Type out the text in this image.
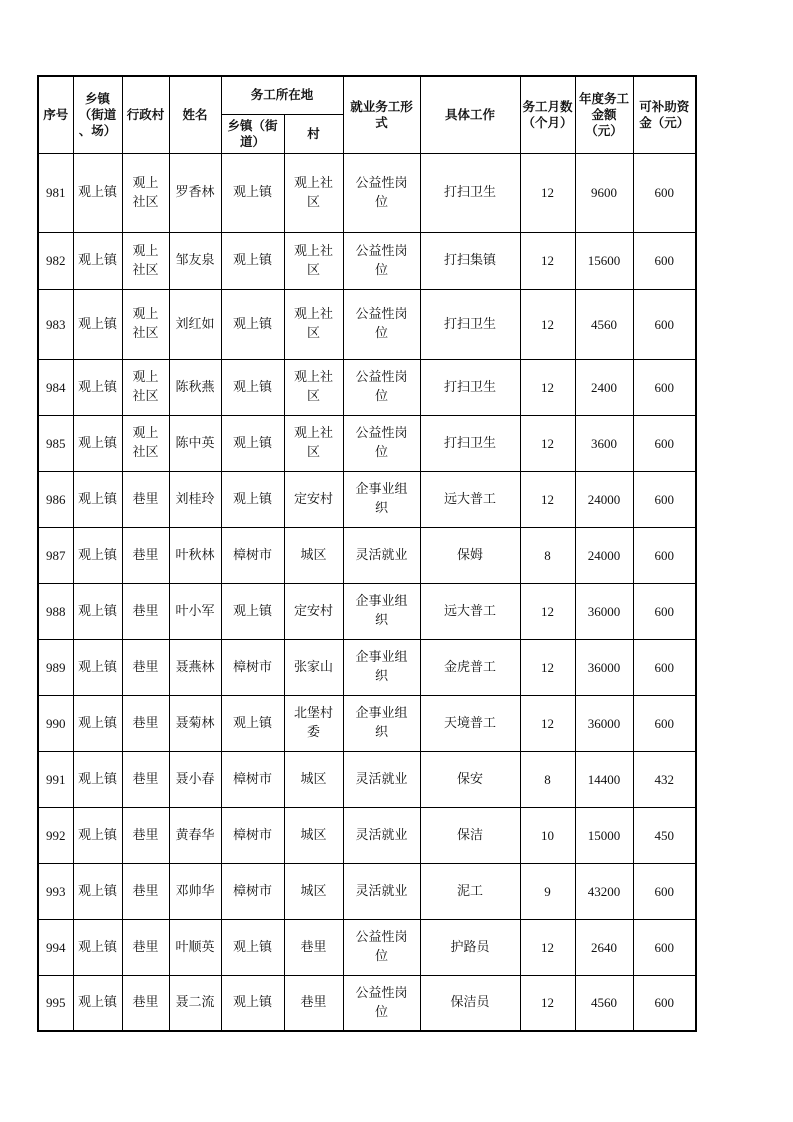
序号	乡镇
（街道
、场）	行政村	姓名	务工所在地		就业务工形式	具体工作	务工月数
（个月）	年度务工
金额
（元）	可补助资
金（元）
				乡镇（街
道）	村					
981	观上镇	观上
社区	罗香林	观上镇	观上社
区	公益性岗
位	打扫卫生	12	9600	600
982	观上镇	观上
社区	邹友泉	观上镇	观上社
区	公益性岗
位	打扫集镇	12	15600	600
983	观上镇	观上
社区	刘红如	观上镇	观上社
区	公益性岗
位	打扫卫生	12	4560	600
984	观上镇	观上
社区	陈秋燕	观上镇	观上社
区	公益性岗
位	打扫卫生	12	2400	600
985	观上镇	观上
社区	陈中英	观上镇	观上社
区	公益性岗
位	打扫卫生	12	3600	600
986	观上镇	巷里	刘桂玲	观上镇	定安村	企事业组
织	远大普工	12	24000	600
987	观上镇	巷里	叶秋林	樟树市	城区	灵活就业	保姆	8	24000	600
988	观上镇	巷里	叶小军	观上镇	定安村	企事业组
织	远大普工	12	36000	600
989	观上镇	巷里	聂燕林	樟树市	张家山	企事业组
织	金虎普工	12	36000	600
990	观上镇	巷里	聂菊林	观上镇	北堡村
委	企事业组
织	天境普工	12	36000	600
991	观上镇	巷里	聂小春	樟树市	城区	灵活就业	保安	8	14400	432
992	观上镇	巷里	黄春华	樟树市	城区	灵活就业	保洁	10	15000	450
993	观上镇	巷里	邓帅华	樟树市	城区	灵活就业	泥工	9	43200	600
994	观上镇	巷里	叶顺英	观上镇	巷里	公益性岗
位	护路员	12	2640	600
995	观上镇	巷里	聂二流	观上镇	巷里	公益性岗
位	保洁员	12	4560	600
